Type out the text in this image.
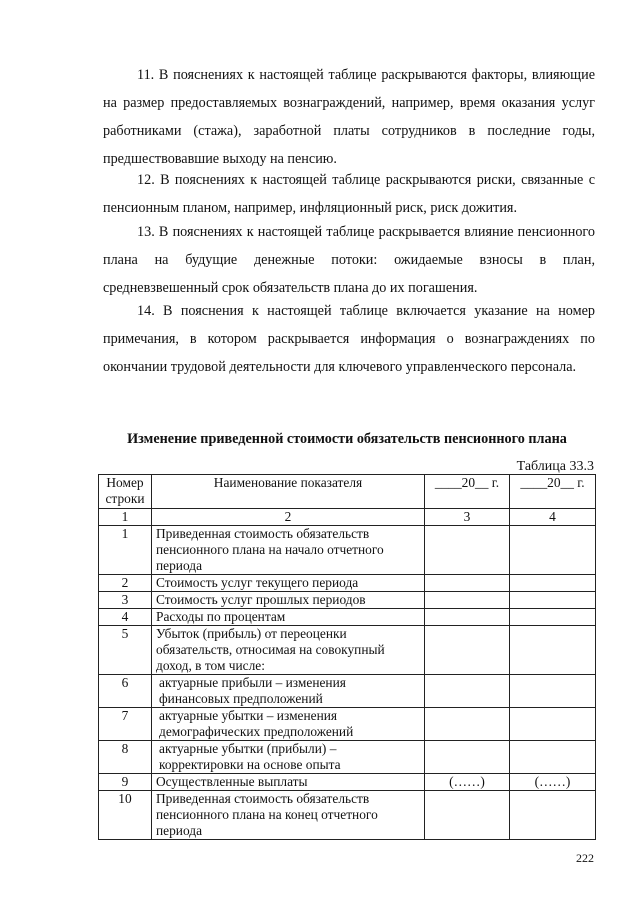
11. В пояснениях к настоящей таблице раскрываются факторы, влияющие на размер предоставляемых вознаграждений, например, время оказания услуг работниками (стажа), заработной платы сотрудников в последние годы, предшествовавшие выходу на пенсию.

12. В пояснениях к настоящей таблице раскрываются риски, связанные с пенсионным планом, например, инфляционный риск, риск дожития.

13. В пояснениях к настоящей таблице раскрывается влияние пенсионного плана на будущие денежные потоки: ожидаемые взносы в план, средневзвешенный срок обязательств плана до их погашения.

14. В пояснения к настоящей таблице включается указание на номер примечания, в котором раскрывается информация о вознаграждениях по окончании трудовой деятельности для ключевого управленческого персонала.

Изменение приведенной стоимости обязательств пенсионного плана
Таблица 33.3
Номер строки	Наименование показателя	____20__ г.	____20__ г.
1	2	3	4
1	Приведенная стоимость обязательств пенсионного плана на начало отчетного периода		
2	Стоимость услуг текущего периода		
3	Стоимость услуг прошлых периодов		
4	Расходы по процентам		
5	Убыток (прибыль) от переоценки обязательств, относимая на совокупный доход, в том числе:		
6	актуарные прибыли – изменения финансовых предположений		
7	актуарные убытки – изменения демографических предположений		
8	актуарные убытки (прибыли) – корректировки на основе опыта		
9	Осуществленные выплаты	(……)	(……)
10	Приведенная стоимость обязательств пенсионного плана на конец отчетного периода		
222
